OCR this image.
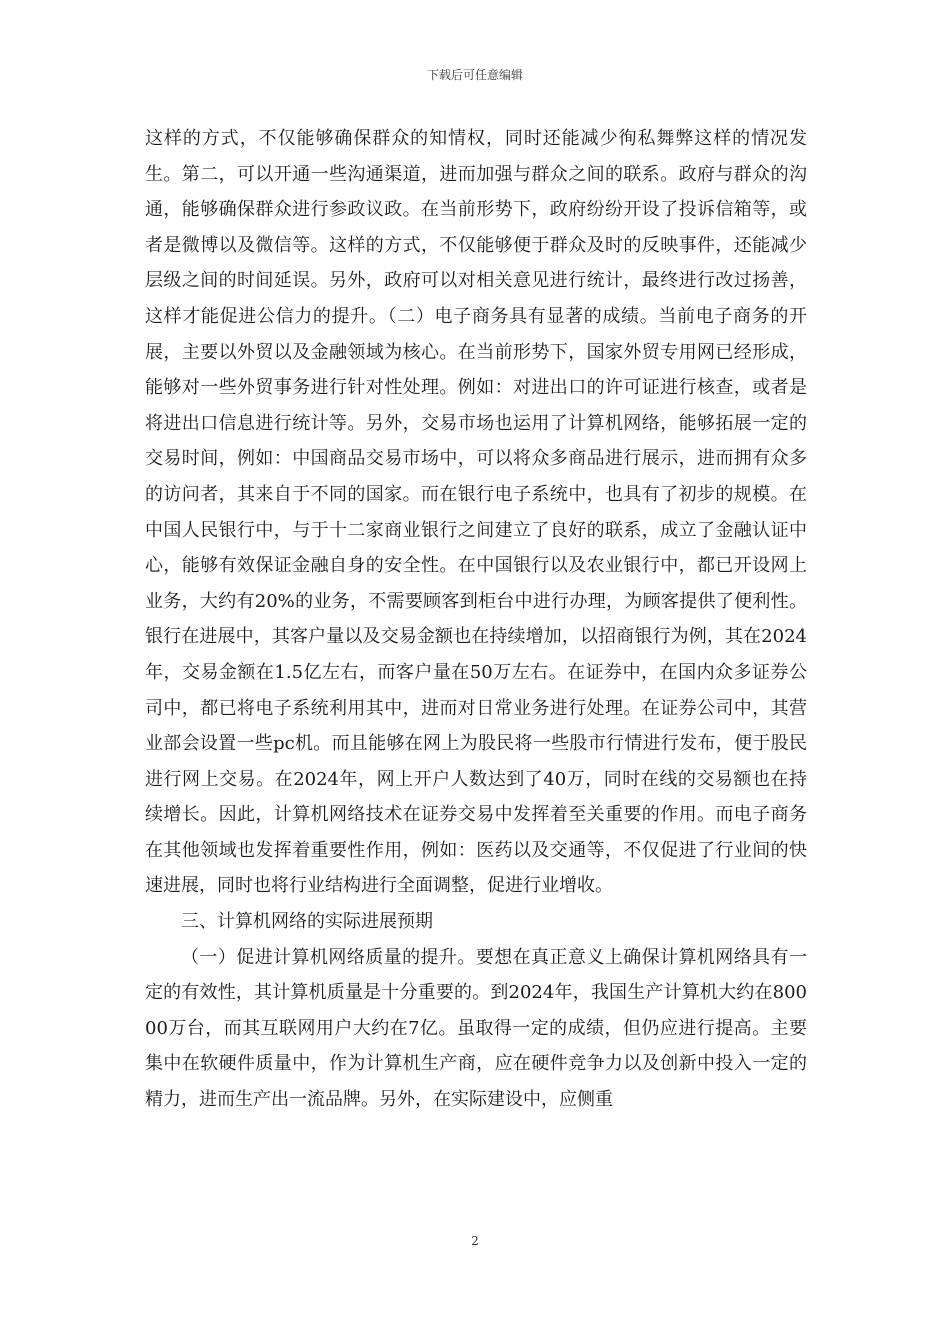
下载后可任意编辑

这样的方式，不仅能够确保群众的知情权，同时还能减少徇私舞弊这样的情况发生。第二，可以开通一些沟通渠道，进而加强与群众之间的联系。政府与群众的沟通，能够确保群众进行参政议政。在当前形势下，政府纷纷开设了投诉信箱等，或者是微博以及微信等。这样的方式，不仅能够便于群众及时的反映事件，还能减少层级之间的时间延误。另外，政府可以对相关意见进行统计，最终进行改过扬善，这样才能促进公信力的提升。（二）电子商务具有显著的成绩。当前电子商务的开展，主要以外贸以及金融领域为核心。在当前形势下，国家外贸专用网已经形成，能够对一些外贸事务进行针对性处理。例如：对进出口的许可证进行核查，或者是将进出口信息进行统计等。另外，交易市场也运用了计算机网络，能够拓展一定的交易时间，例如：中国商品交易市场中，可以将众多商品进行展示，进而拥有众多的访问者，其来自于不同的国家。而在银行电子系统中，也具有了初步的规模。在中国人民银行中，与于十二家商业银行之间建立了良好的联系，成立了金融认证中心，能够有效保证金融自身的安全性。在中国银行以及农业银行中，都已开设网上业务，大约有20%的业务，不需要顾客到柜台中进行办理，为顾客提供了便利性。银行在进展中，其客户量以及交易金额也在持续增加，以招商银行为例，其在2024年，交易金额在1.5亿左右，而客户量在50万左右。在证券中，在国内众多证券公司中，都已将电子系统利用其中，进而对日常业务进行处理。在证券公司中，其营业部会设置一些pc机。而且能够在网上为股民将一些股市行情进行发布，便于股民进行网上交易。在2024年，网上开户人数达到了40万，同时在线的交易额也在持续增长。因此，计算机网络技术在证券交易中发挥着至关重要的作用。而电子商务在其他领域也发挥着重要性作用，例如：医药以及交通等，不仅促进了行业间的快速进展，同时也将行业结构进行全面调整，促进行业增收。

三、计算机网络的实际进展预期

（一）促进计算机网络质量的提升。要想在真正意义上确保计算机网络具有一定的有效性，其计算机质量是十分重要的。到2024年，我国生产计算机大约在80000万台，而其互联网用户大约在7亿。虽取得一定的成绩，但仍应进行提高。主要集中在软硬件质量中，作为计算机生产商，应在硬件竞争力以及创新中投入一定的精力，进而生产出一流品牌。另外，在实际建设中，应侧重

2
